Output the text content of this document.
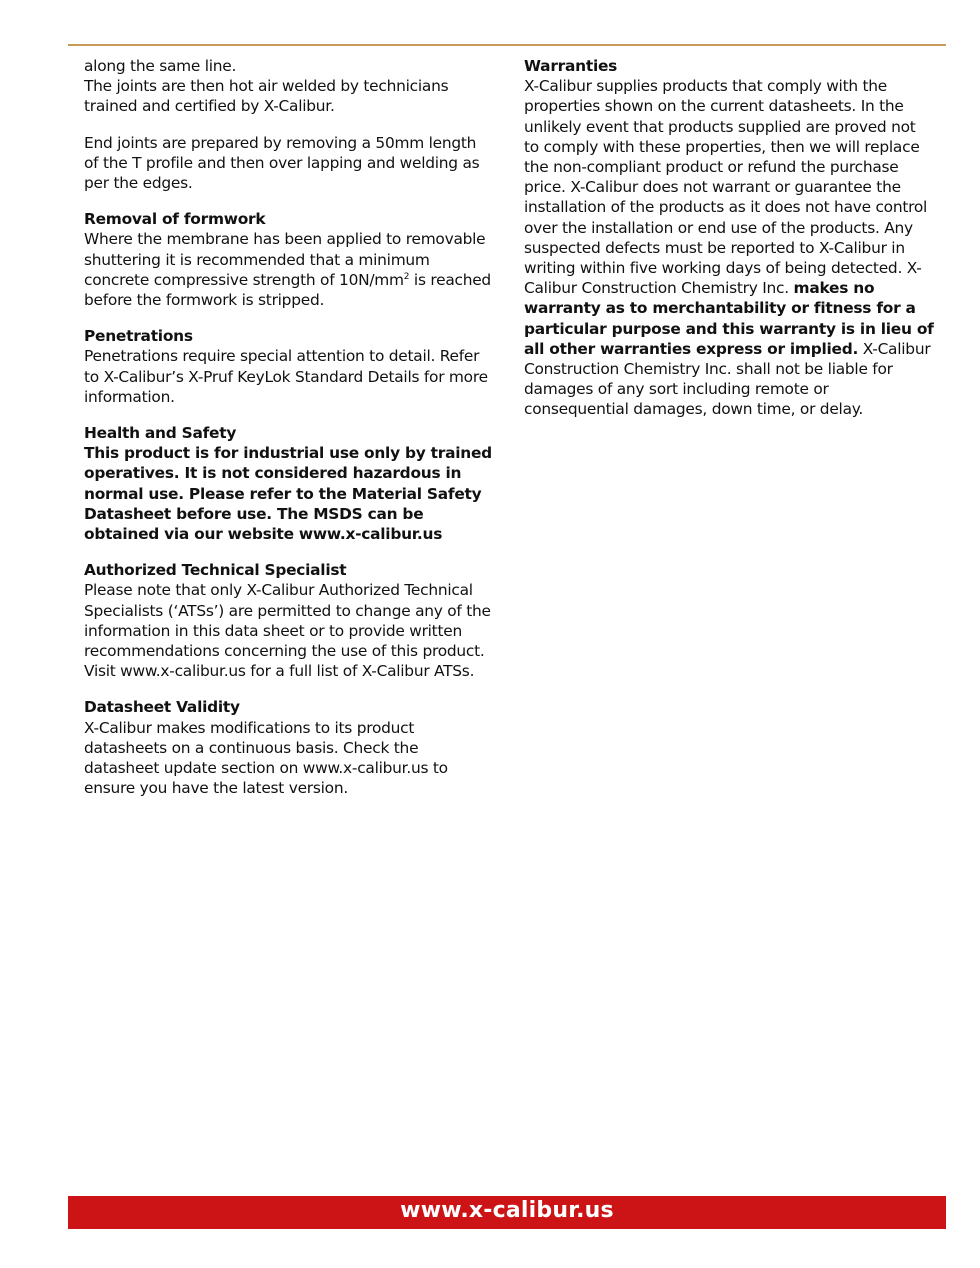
along the same line.

The joints are then hot air welded by technicians trained and certified by X-Calibur.

End joints are prepared by removing a 50mm length of the T profile and then over lapping and welding as per the edges.

Removal of formwork

Where the membrane has been applied to removable shuttering it is recommended that a minimum concrete compressive strength of $10N/mm^2$ is reached before the formwork is stripped.

Penetrations

Penetrations require special attention to detail. Refer to X-Calibur’s X-Pruf KeyLok Standard Details for more information.

Health and Safety

This product is for industrial use only by trained operatives. It is not considered hazardous in normal use. Please refer to the Material Safety Datasheet before use. The MSDS can be obtained via our website www.x-calibur.us

Authorized Technical Specialist

Please note that only X-Calibur Authorized Technical Specialists (‘ATSs’) are permitted to change any of the information in this data sheet or to provide written recommendations concerning the use of this product. Visit www.x-calibur.us for a full list of X-Calibur ATSs.

Datasheet Validity

X-Calibur makes modifications to its product datasheets on a continuous basis. Check the datasheet update section on www.x-calibur.us to ensure you have the latest version.

Warranties

X-Calibur supplies products that comply with the properties shown on the current datasheets. In the unlikely event that products supplied are proved not to comply with these properties, then we will replace the non-compliant product or refund the purchase price. X-Calibur does not warrant or guarantee the installation of the products as it does not have control over the installation or end use of the products. Any suspected defects must be reported to X-Calibur in writing within five working days of being detected. X-Calibur Construction Chemistry Inc. makes no warranty as to merchantability or fitness for a particular purpose and this warranty is in lieu of all other warranties express or implied. X-Calibur Construction Chemistry Inc. shall not be liable for damages of any sort including remote or consequential damages, down time, or delay.

www.x-calibur.us
